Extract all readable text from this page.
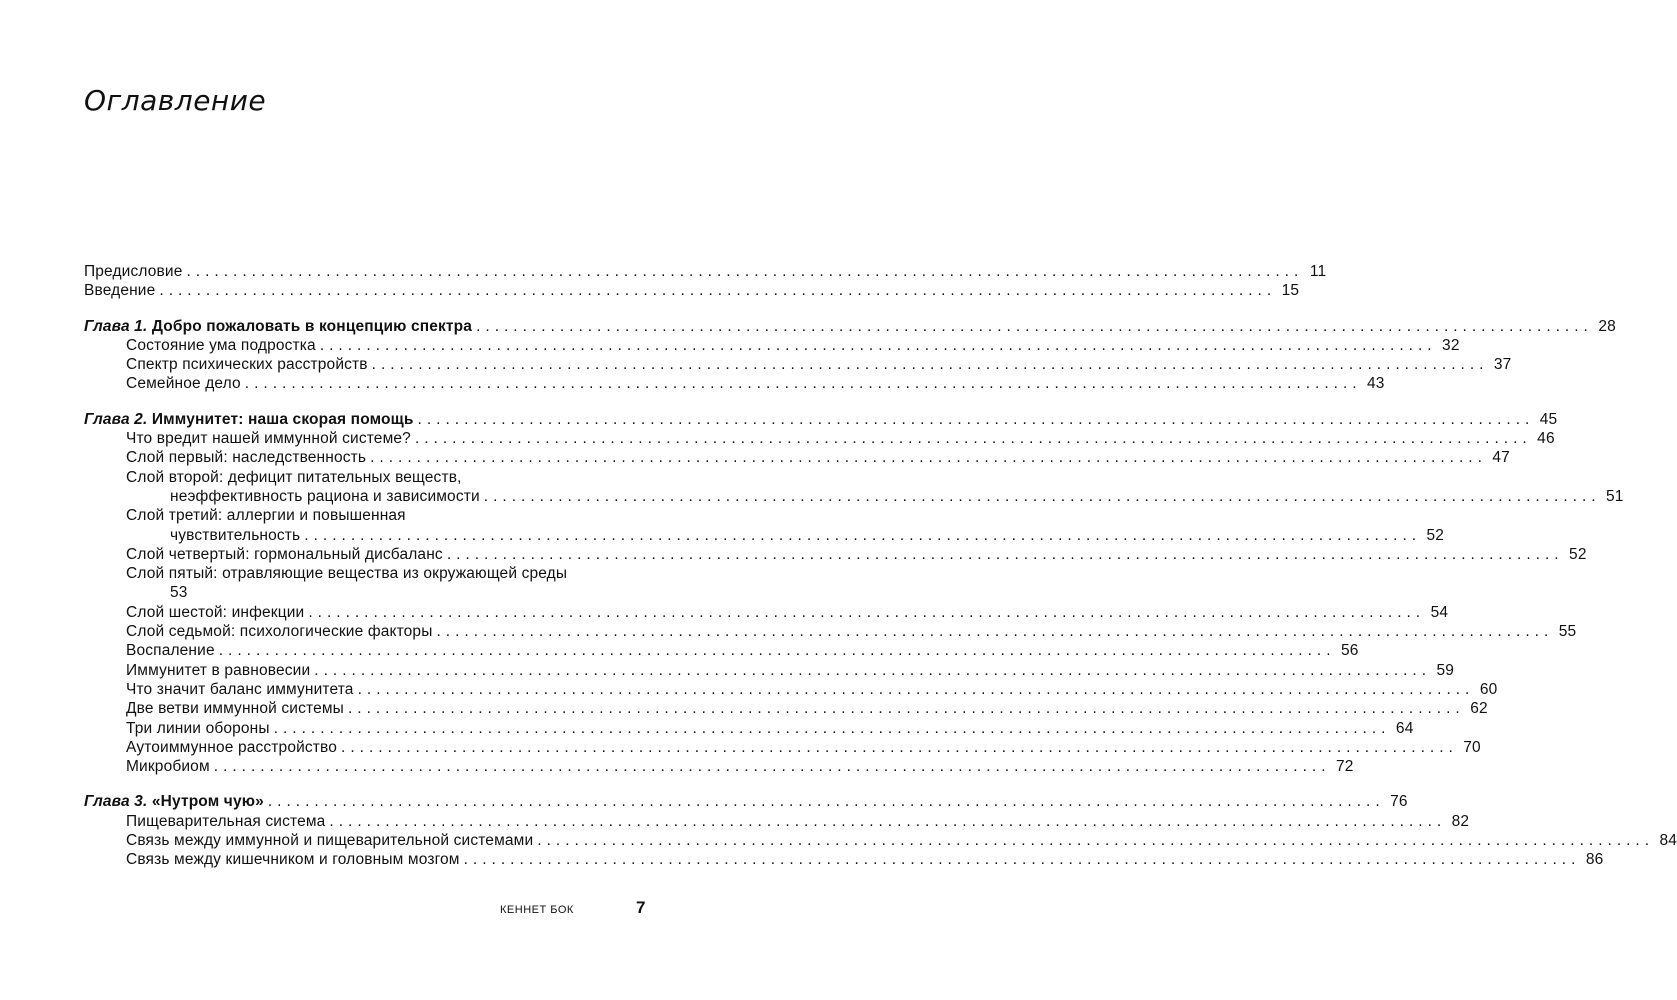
Оглавление
Предисловие ........................................................................................................................ 11
Введение ........................................................................................................................ 15
Глава 1. Добро пожаловать в концепцию спектра ........................................................................................................................ 28
Состояние ума подростка ........................................................................................................................ 32
Спектр психических расстройств ........................................................................................................................ 37
Семейное дело ........................................................................................................................ 43
Глава 2. Иммунитет: наша скорая помощь ........................................................................................................................ 45
Что вредит нашей иммунной системе? ........................................................................................................................ 46
Слой первый: наследственность ........................................................................................................................ 47
Слой второй: дефицит питательных веществ,
неэффективность рациона и зависимости ........................................................................................................................ 51
Слой третий: аллергии и повышенная
чувствительность ........................................................................................................................ 52
Слой четвертый: гормональный дисбаланс ........................................................................................................................ 52
Слой пятый: отравляющие вещества из окружающей среды
53
Слой шестой: инфекции ........................................................................................................................ 54
Слой седьмой: психологические факторы ........................................................................................................................ 55
Воспаление ........................................................................................................................ 56
Иммунитет в равновесии ........................................................................................................................ 59
Что значит баланс иммунитета ........................................................................................................................ 60
Две ветви иммунной системы ........................................................................................................................ 62
Три линии обороны ........................................................................................................................ 64
Аутоиммунное расстройство ........................................................................................................................ 70
Микробиом ........................................................................................................................ 72
Глава 3. «Нутром чую» ........................................................................................................................ 76
Пищеварительная система ........................................................................................................................ 82
Связь между иммунной и пищеварительной системами ........................................................................................................................ 84
Связь между кишечником и головным мозгом ........................................................................................................................ 86
КЕННЕТ БОК	7
